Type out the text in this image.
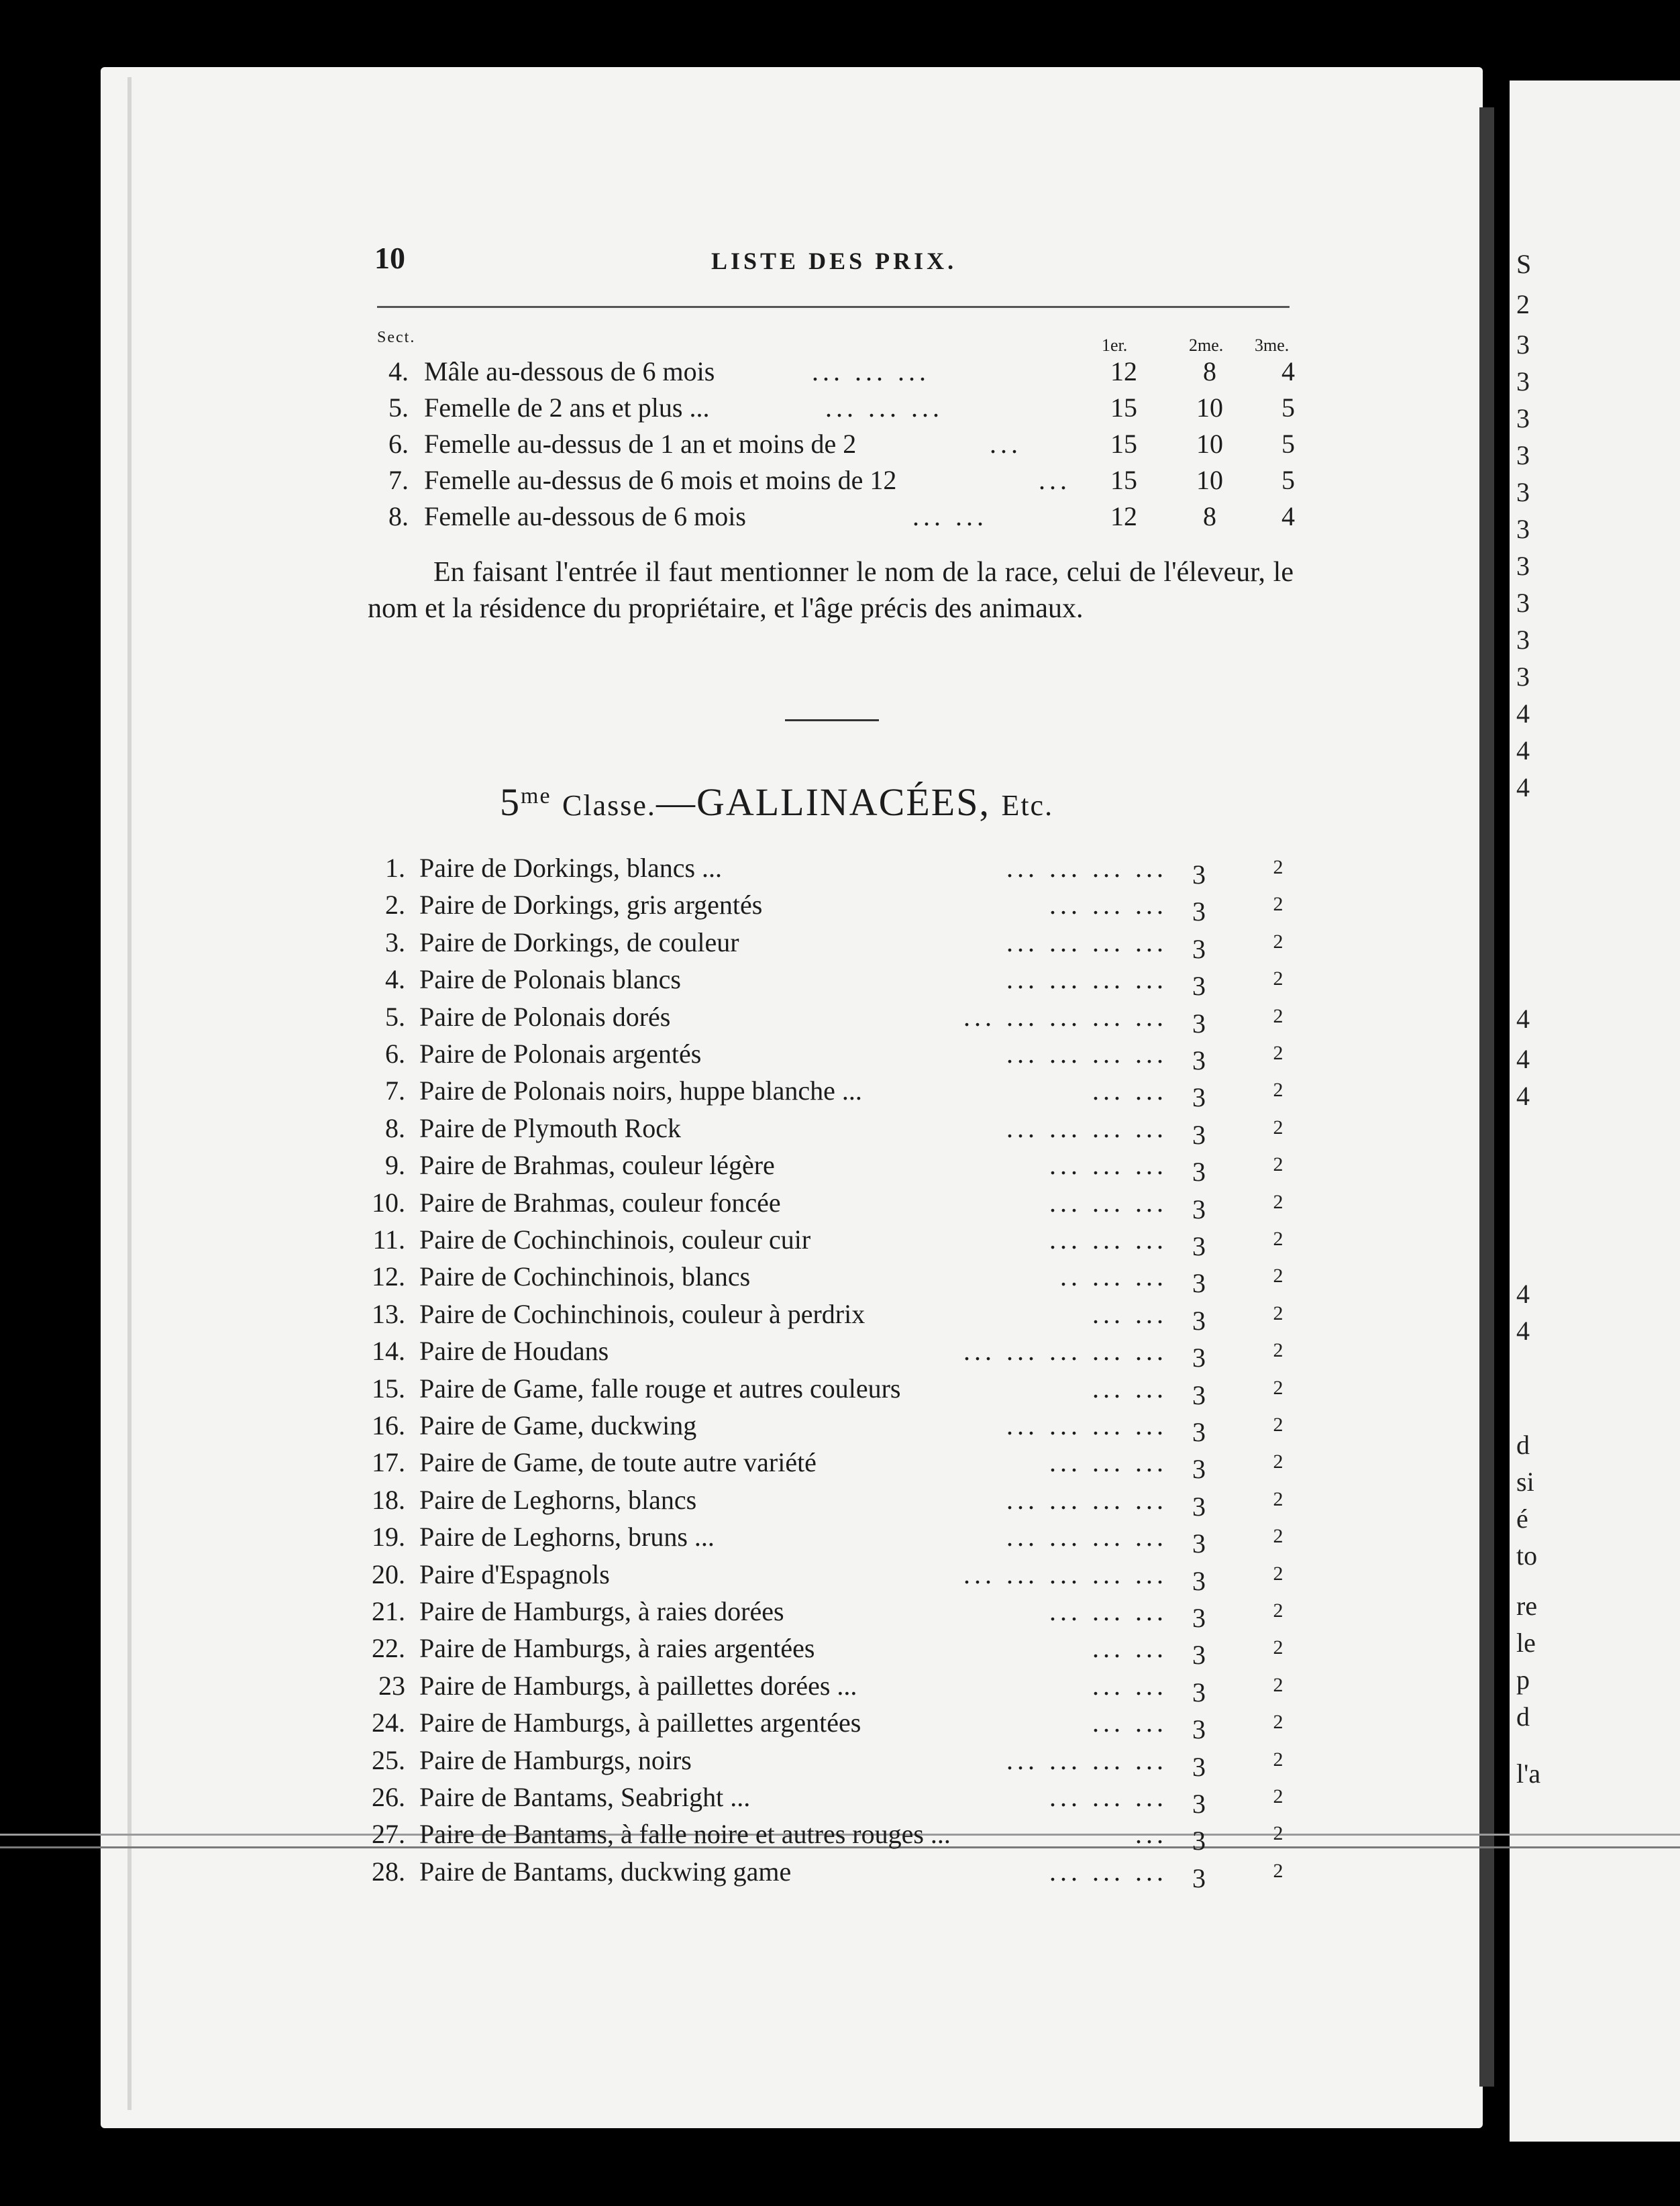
S
2
3
3
3
3
3
3
3
3
3
3
4
4
4
4
4
4
4
4
d
si
é
to
re
le
p
d
l'a
10	LISTE DES PRIX.
Sect.	1er.	2me. 3me.
4. Mâle au-dessous de 6 mois	... ... ...	12	8	4
5. Femelle de 2 ans et plus ...	... ... ...	15	10	5
6. Femelle au-dessus de 1 an et moins de 2	...	15	10	5
7. Femelle au-dessus de 6 mois et moins de 12	...	15	10	5
8. Femelle au-dessous de 6 mois	... ...	12	8	4
En faisant l'entrée il faut mentionner le nom de la race, celui de l'éleveur, le nom et la résidence du propriétaire, et l'âge précis des animaux.
$5^{me}$ Classe.—GALLINACÉES, Etc.
1. Paire de Dorkings, blancs ...	... ... ... ... 3	2
2. Paire de Dorkings, gris argentés	... ... ... 3	2
3. Paire de Dorkings, de couleur	... ... ... ... 3	2
4. Paire de Polonais blancs	... ... ... ... 3	2
5. Paire de Polonais dorés	... ... ... ... ... 3	2
6. Paire de Polonais argentés	... ... ... ... 3	2
7. Paire de Polonais noirs, huppe blanche ...	... ... 3	2
8. Paire de Plymouth Rock	... ... ... ... 3	2
9. Paire de Brahmas, couleur légère	... ... ... 3	2
10. Paire de Brahmas, couleur foncée	... ... ... 3	2
11. Paire de Cochinchinois, couleur cuir	... ... ... 3	2
12. Paire de Cochinchinois, blancs	.. ... ... 3	2
13. Paire de Cochinchinois, couleur à perdrix	... ... 3	2
14. Paire de Houdans	... ... ... ... ... 3	2
15. Paire de Game, falle rouge et autres couleurs	... ... 3	2
16. Paire de Game, duckwing	... ... ... ... 3	2
17. Paire de Game, de toute autre variété	... ... ... 3	2
18. Paire de Leghorns, blancs	... ... ... ... 3	2
19. Paire de Leghorns, bruns ...	... ... ... ... 3	2
20. Paire d'Espagnols	... ... ... ... ... 3	2
21. Paire de Hamburgs, à raies dorées	... ... ... 3	2
22. Paire de Hamburgs, à raies argentées	... ... 3	2
23 Paire de Hamburgs, à paillettes dorées ...	... ... 3	2
24. Paire de Hamburgs, à paillettes argentées	... ... 3	2
25. Paire de Hamburgs, noirs	... ... ... ... 3	2
26. Paire de Bantams, Seabright ...	... ... ... 3	2
27. Paire de Bantams, à falle noire et autres rouges ...	... 3	2
28. Paire de Bantams, duckwing game	... ... ... 3	2
